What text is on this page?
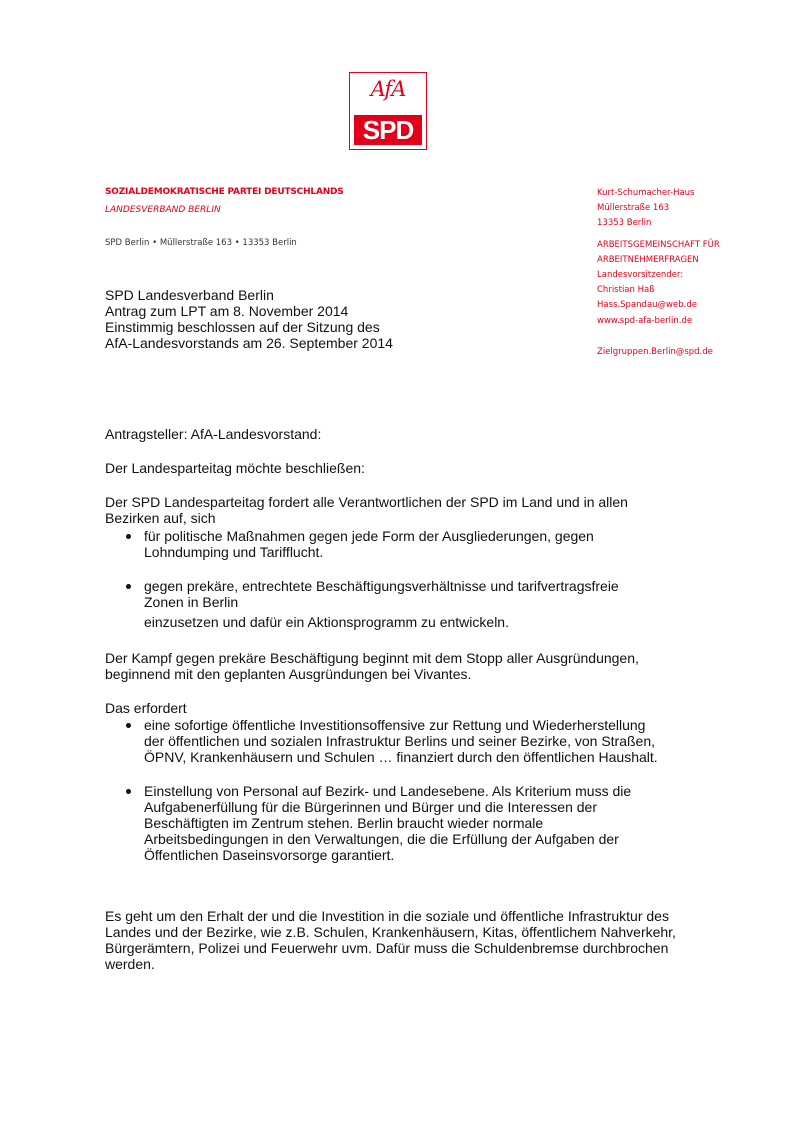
AfA
SPD
SOZIALDEMOKRATISCHE PARTEI DEUTSCHLANDS
LANDESVERBAND BERLIN
SPD Berlin • Müllerstraße 163 • 13353 Berlin
Kurt-Schumacher-Haus
Müllerstraße 163
13353 Berlin
ARBEITSGEMEINSCHAFT FÜR
ARBEITNEHMERFRAGEN
Landesvorsitzender:
Christian Haß
Hass.Spandau@web.de
www.spd-afa-berlin.de
Zielgruppen.Berlin@spd.de
SPD Landesverband Berlin
Antrag zum LPT am 8. November 2014
Einstimmig beschlossen auf der Sitzung des
AfA-Landesvorstands am 26. September 2014
Antragsteller: AfA-Landesvorstand:
Der Landesparteitag möchte beschließen:
Der SPD Landesparteitag fordert alle Verantwortlichen der SPD im Land und in allen Bezirken auf, sich
für politische Maßnahmen gegen jede Form der Ausgliederungen, gegen Lohndumping und Tarifflucht.
gegen prekäre, entrechtete Beschäftigungsverhältnisse und tarifvertragsfreie Zonen in Berlin
einzusetzen und dafür ein Aktionsprogramm zu entwickeln.
Der Kampf gegen prekäre Beschäftigung beginnt mit dem Stopp aller Ausgründungen, beginnend mit den geplanten Ausgründungen bei Vivantes.
Das erfordert
eine sofortige öffentliche Investitionsoffensive zur Rettung und Wiederherstellung der öffentlichen und sozialen Infrastruktur Berlins und seiner Bezirke, von Straßen, ÖPNV, Krankenhäusern und Schulen … finanziert durch den öffentlichen Haushalt.
Einstellung von Personal auf Bezirk- und Landesebene. Als Kriterium muss die Aufgabenerfüllung für die Bürgerinnen und Bürger und die Interessen der Beschäftigten im Zentrum stehen. Berlin braucht wieder normale Arbeitsbedingungen in den Verwaltungen, die die Erfüllung der Aufgaben der Öffentlichen Daseinsvorsorge garantiert.
Es geht um den Erhalt der und die Investition in die soziale und öffentliche Infrastruktur des Landes und der Bezirke, wie z.B. Schulen, Krankenhäusern, Kitas, öffentlichem Nahverkehr, Bürgerämtern, Polizei und Feuerwehr uvm. Dafür muss die Schuldenbremse durchbrochen werden.
